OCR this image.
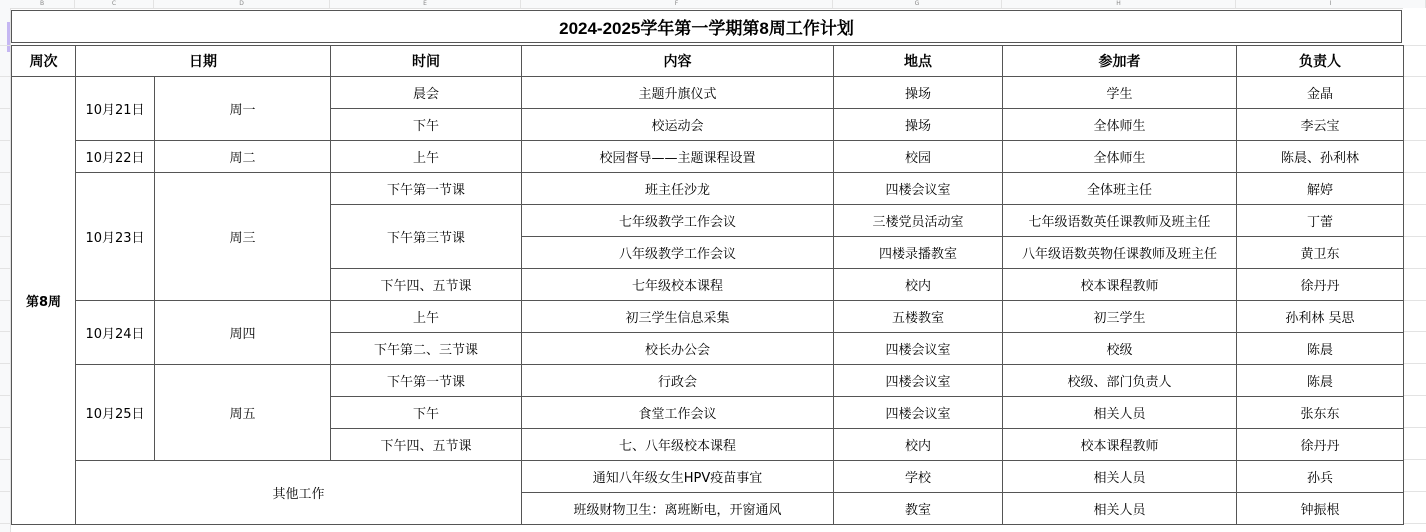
B	C	D	E	F	G	H	I
2024-2025学年第一学期第8周工作计划
周次	日期		时间	内容	地点	参加者	负责人
第8周	10月21日	周一	晨会	主题升旗仪式	操场	学生	金晶
			下午	校运动会	操场	全体师生	李云宝
	10月22日	周二	上午	校园督导——主题课程设置	校园	全体师生	陈晨、孙利林
	10月23日	周三	下午第一节课	班主任沙龙	四楼会议室	全体班主任	解婷
			下午第三节课	七年级教学工作会议	三楼党员活动室	七年级语数英任课教师及班主任	丁蕾
				八年级教学工作会议	四楼录播教室	八年级语数英物任课教师及班主任	黄卫东
			下午四、五节课	七年级校本课程	校内	校本课程教师	徐丹丹
	10月24日	周四	上午	初三学生信息采集	五楼教室	初三学生	孙利林 吴思
			下午第二、三节课	校长办公会	四楼会议室	校级	陈晨
	10月25日	周五	下午第一节课	行政会	四楼会议室	校级、部门负责人	陈晨
			下午	食堂工作会议	四楼会议室	相关人员	张东东
			下午四、五节课	七、八年级校本课程	校内	校本课程教师	徐丹丹
	其他工作			通知八年级女生HPV疫苗事宜	学校	相关人员	孙兵
				班级财物卫生：离班断电，开窗通风	教室	相关人员	钟振根
